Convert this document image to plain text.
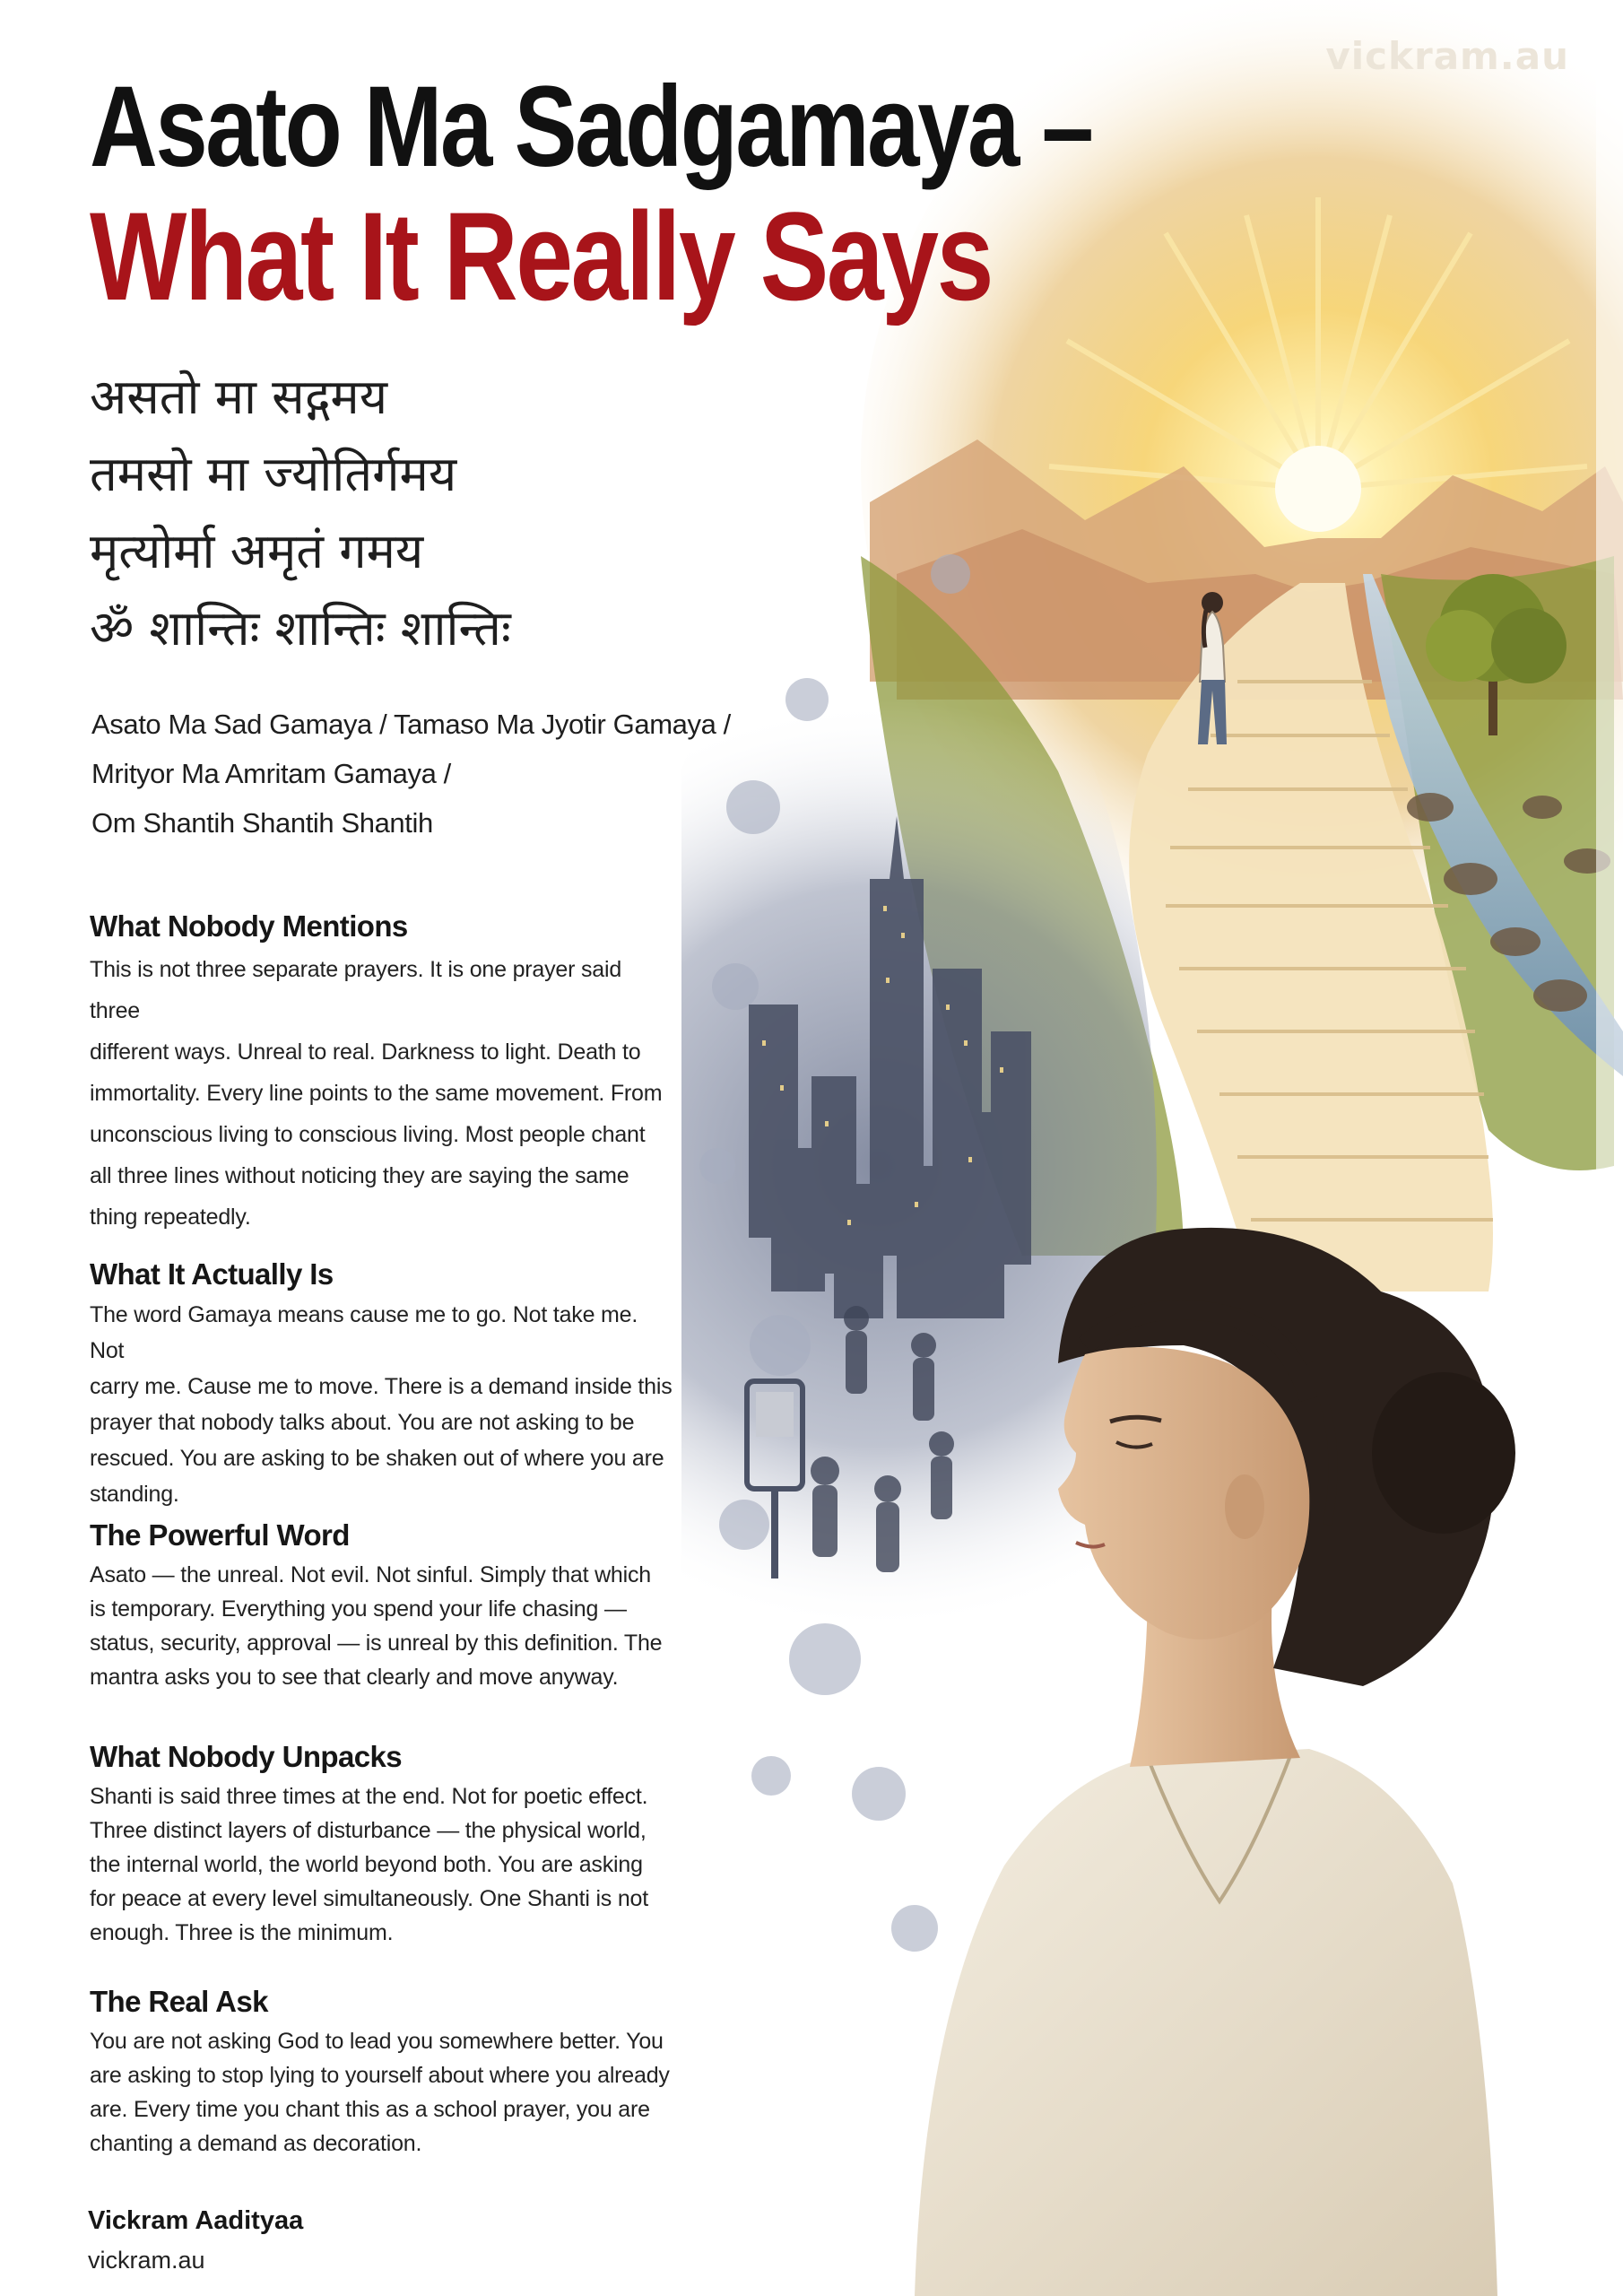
vickram.au
Asato Ma Sadgamaya –
What It Really Says
असतो मा सद्गमय
तमसो मा ज्योतिर्गमय
मृत्योर्मा अमृतं गमय
ॐ शान्तिः शान्तिः शान्तिः
Asato Ma Sad Gamaya / Tamaso Ma Jyotir Gamaya /
Mrityor Ma Amritam Gamaya /
Om Shantih Shantih Shantih
What Nobody Mentions

This is not three separate prayers. It is one prayer said three
different ways. Unreal to real. Darkness to light. Death to
immortality. Every line points to the same movement. From
unconscious living to conscious living. Most people chant
all three lines without noticing they are saying the same
thing repeatedly.

What It Actually Is

The word Gamaya means cause me to go. Not take me. Not
carry me. Cause me to move. There is a demand inside this
prayer that nobody talks about. You are not asking to be
rescued. You are asking to be shaken out of where you are
standing.

The Powerful Word

Asato — the unreal. Not evil. Not sinful. Simply that which
is temporary. Everything you spend your life chasing —
status, security, approval — is unreal by this definition. The
mantra asks you to see that clearly and move anyway.

What Nobody Unpacks

Shanti is said three times at the end. Not for poetic effect.
Three distinct layers of disturbance — the physical world,
the internal world, the world beyond both. You are asking
for peace at every level simultaneously. One Shanti is not
enough. Three is the minimum.

The Real Ask

You are not asking God to lead you somewhere better. You
are asking to stop lying to yourself about where you already
are. Every time you chant this as a school prayer, you are
chanting a demand as decoration.

Vickram Aadityaa
vickram.au
